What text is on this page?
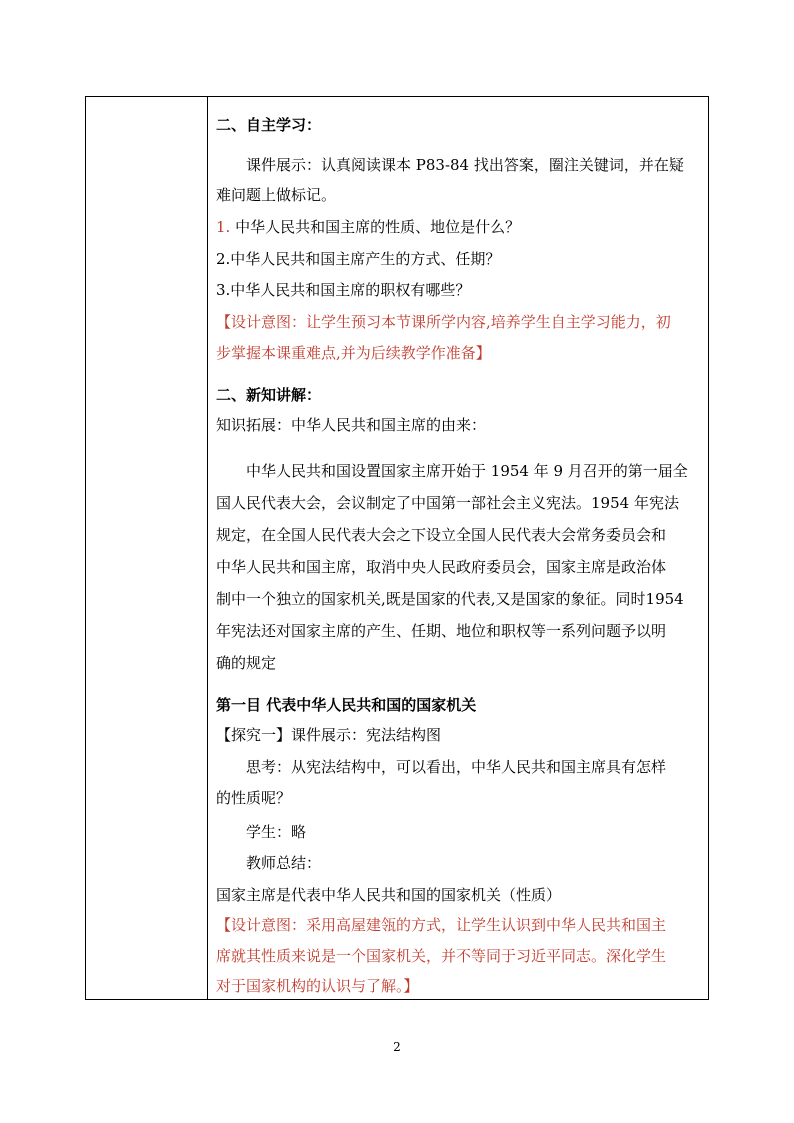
二、自主学习：
课件展示：认真阅读课本 P83-84 找出答案，圈注关键词，并在疑
难问题上做标记。
1. 中华人民共和国主席的性质、地位是什么？
2.中华人民共和国主席产生的方式、任期？
3.中华人民共和国主席的职权有哪些？
【设计意图：让学生预习本节课所学内容,培养学生自主学习能力，初
步掌握本课重难点,并为后续教学作准备】
二、新知讲解：
知识拓展：中华人民共和国主席的由来：
中华人民共和国设置国家主席开始于 1954 年 9 月召开的第一届全
国人民代表大会，会议制定了中国第一部社会主义宪法。1954 年宪法
规定，在全国人民代表大会之下设立全国人民代表大会常务委员会和
中华人民共和国主席，取消中央人民政府委员会，国家主席是政治体
制中一个独立的国家机关,既是国家的代表,又是国家的象征。同时1954
年宪法还对国家主席的产生、任期、地位和职权等一系列问题予以明
确的规定
第一目 代表中华人民共和国的国家机关
【探究一】课件展示：宪法结构图
思考：从宪法结构中，可以看出，中华人民共和国主席具有怎样
的性质呢？
学生：略
教师总结：
国家主席是代表中华人民共和国的国家机关（性质）
【设计意图：采用高屋建瓴的方式，让学生认识到中华人民共和国主
席就其性质来说是一个国家机关，并不等同于习近平同志。深化学生
对于国家机构的认识与了解。】
2
